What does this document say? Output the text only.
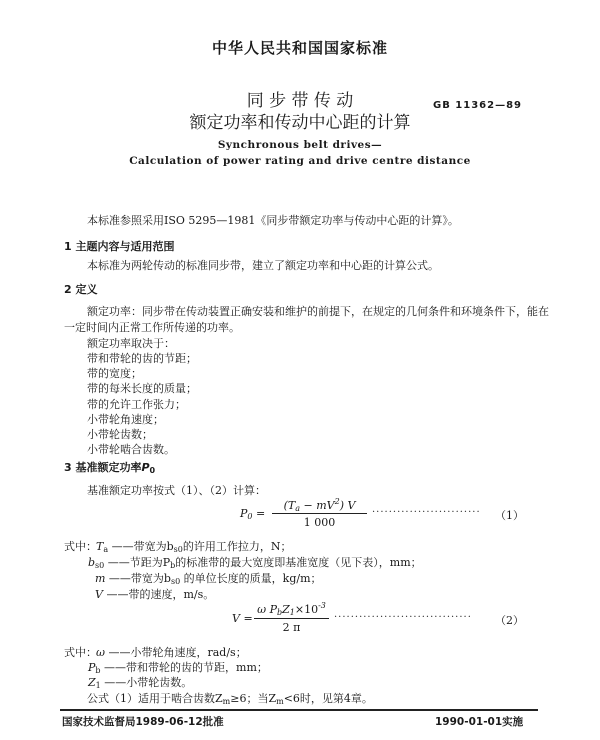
中华人民共和国国家标准
同 步 带 传 动
额定功率和传动中心距的计算
GB 11362—89
Synchronous belt drives—
Calculation of power rating and drive centre distance
本标准参照采用ISO 5295—1981《同步带额定功率与传动中心距的计算》。
1 主题内容与适用范围
本标准为两轮传动的标准同步带，建立了额定功率和中心距的计算公式。
2 定义
额定功率：同步带在传动装置正确安装和维护的前提下，在规定的几何条件和环境条件下，能在
一定时间内正常工作所传递的功率。
额定功率取决于：
带和带轮的齿的节距；
带的宽度；
带的每米长度的质量；
带的允许工作张力；
小带轮角速度；
小带轮齿数；
小带轮啮合齿数。
3 基准额定功率$P_0$
基准额定功率按式（1）、（2）计算：
$P_0$ =
$(T_a - mV^2)$ V
1 000
·························· （1）
式中： $T_a$ ——带宽为$b_{s0}$的许用工作拉力，N；
$b_{s0}$ ——节距为$P_b$的标准带的最大宽度即基准宽度（见下表），mm；
m ——带宽为$b_{s0}$ 的单位长度的质量，kg/m；
V ——带的速度，m/s。
V =
ω $P_bZ_1\times 10^{-3}$
2 π
································· （2）
式中： ω ——小带轮角速度，rad/s；
$P_b$ ——带和带轮的齿的节距，mm；
$Z_1$ ——小带轮齿数。
公式（1）适用于啮合齿数$Z_m\ge 6$；当$Z_m<6$时，见第4章。
国家技术监督局1989-06-12批准	1990-01-01实施
